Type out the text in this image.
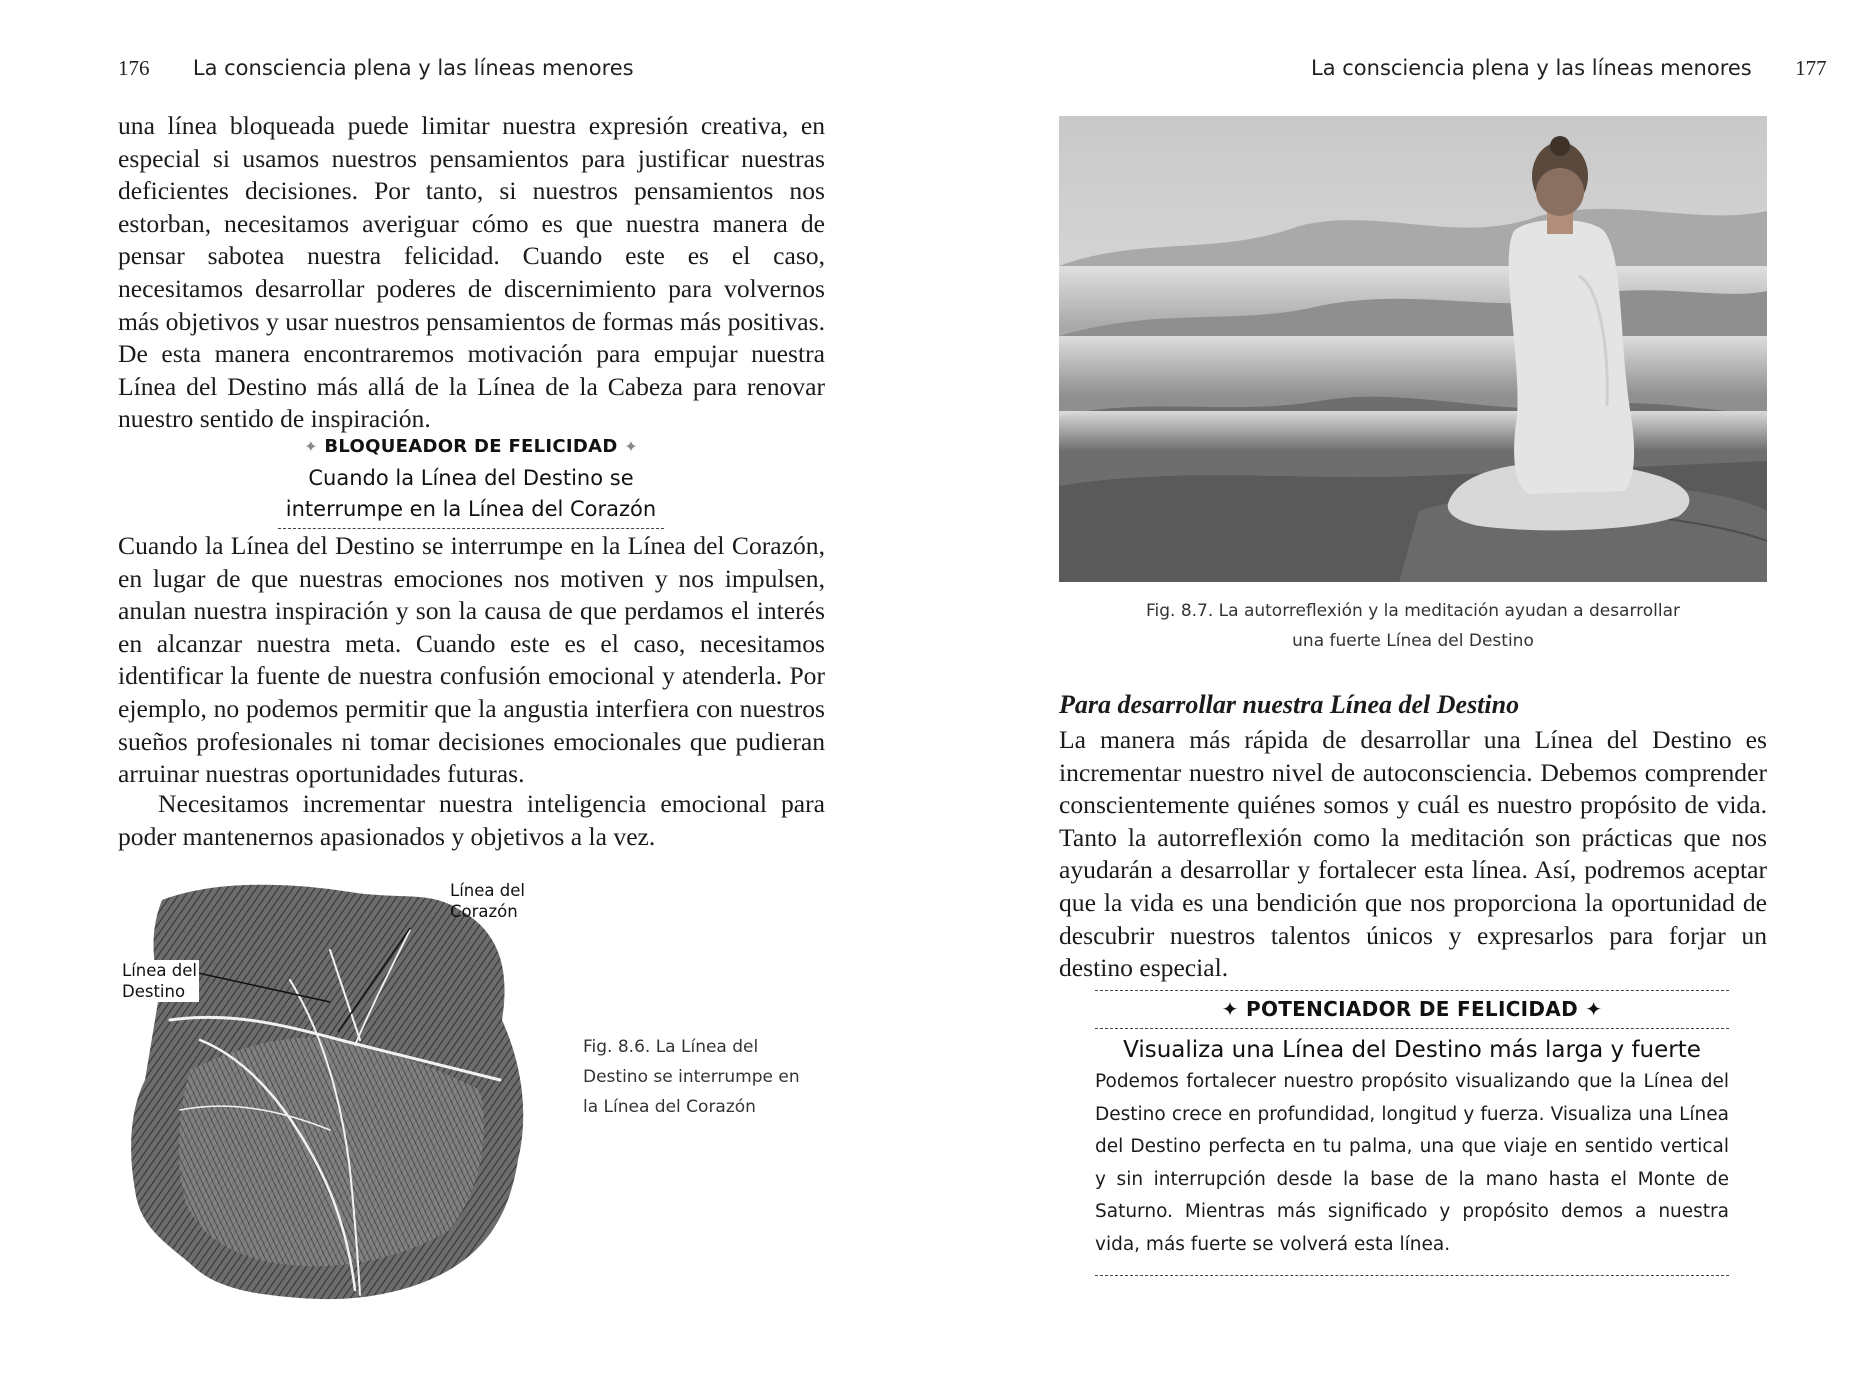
176 La consciencia plena y las líneas menores

una línea bloqueada puede limitar nuestra expresión creativa, en especial si usamos nuestros pensamientos para justificar nuestras deficientes decisiones. Por tanto, si nuestros pensamientos nos estorban, necesitamos averiguar cómo es que nuestra manera de pensar sabotea nuestra felicidad. Cuando este es el caso, necesitamos desarrollar poderes de discernimiento para volvernos más objetivos y usar nuestros pensamientos de formas más positivas. De esta manera encontraremos motivación para empujar nuestra Línea del Destino más allá de la Línea de la Cabeza para renovar nuestro sentido de inspiración.

✦ BLOQUEADOR DE FELICIDAD ✦
Cuando la Línea del Destino se
interrumpe en la Línea del Corazón

Cuando la Línea del Destino se interrumpe en la Línea del Corazón, en lugar de que nuestras emociones nos motiven y nos impulsen, anulan nuestra inspiración y son la causa de que perdamos el interés en alcanzar nuestra meta. Cuando este es el caso, necesitamos identificar la fuente de nuestra confusión emocional y atenderla. Por ejemplo, no podemos permitir que la angustia interfiera con nuestros sueños profesionales ni tomar decisiones emocionales que pudieran arruinar nuestras oportunidades futuras.

Necesitamos incrementar nuestra inteligencia emocional para poder mantenernos apasionados y objetivos a la vez.

Línea del
Corazón
Línea del
Destino
Fig. 8.6. La Línea del
Destino se interrumpe en
la Línea del Corazón
La consciencia plena y las líneas menores 177
Fig. 8.7. La autorreflexión y la meditación ayudan a desarrollar
una fuerte Línea del Destino
Para desarrollar nuestra Línea del Destino

La manera más rápida de desarrollar una Línea del Destino es incrementar nuestro nivel de autoconsciencia. Debemos comprender conscientemente quiénes somos y cuál es nuestro propósito de vida. Tanto la autorreflexión como la meditación son prácticas que nos ayudarán a desarrollar y fortalecer esta línea. Así, podremos aceptar que la vida es una bendición que nos proporciona la oportunidad de descubrir nuestros talentos únicos y expresarlos para forjar un destino especial.

✦ POTENCIADOR DE FELICIDAD ✦
Visualiza una Línea del Destino más larga y fuerte

Podemos fortalecer nuestro propósito visualizando que la Línea del Destino crece en profundidad, longitud y fuerza. Visualiza una Línea del Destino perfecta en tu palma, una que viaje en sentido vertical y sin interrupción desde la base de la mano hasta el Monte de Saturno. Mientras más significado y propósito demos a nuestra vida, más fuerte se volverá esta línea.
